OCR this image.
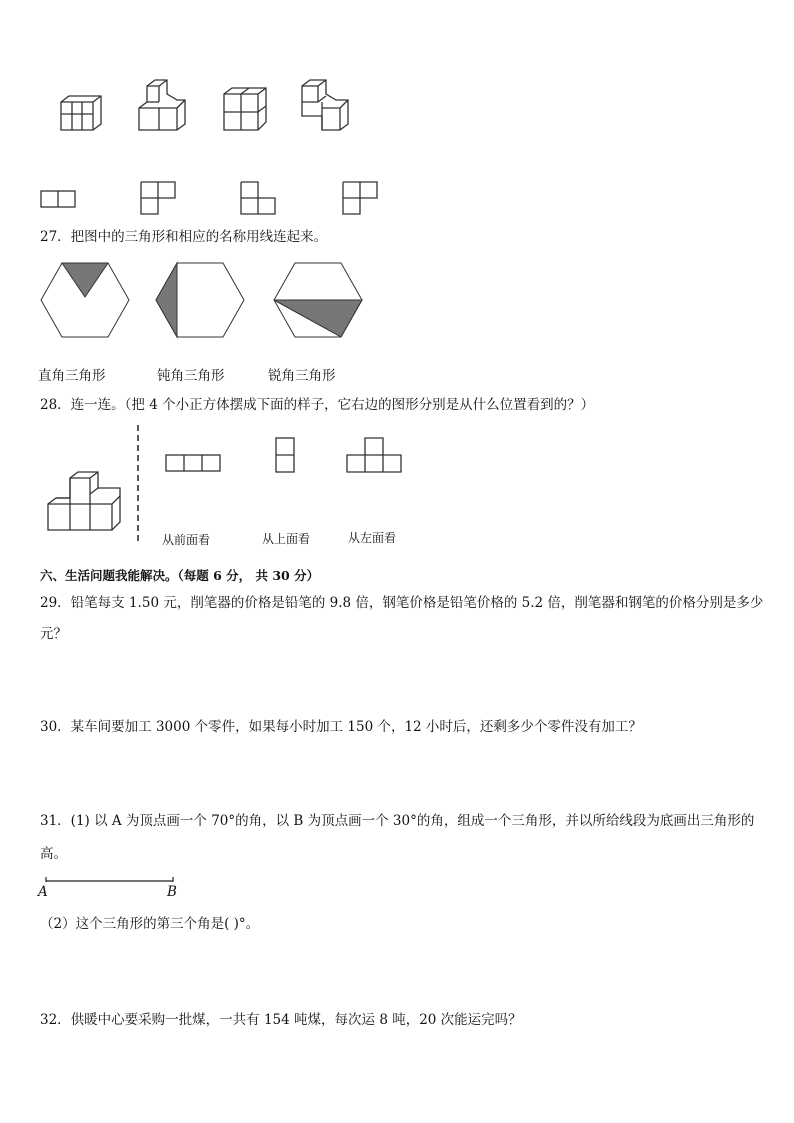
27．把图中的三角形和相应的名称用线连起来。
直角三角形	钝角三角形	锐角三角形
28．连一连。（把 4 个小正方体摆成下面的样子，它右边的图形分别是从什么位置看到的？）
从前面看	从上面看	从左面看
六、生活问题我能解决。（每题 6 分， 共 30 分）
29．铅笔每支 1.50 元，削笔器的价格是铅笔的 9.8 倍，钢笔价格是铅笔价格的 5.2 倍，削笔器和钢笔的价格分别是多少
元？
30．某车间要加工 3000 个零件，如果每小时加工 150 个，12 小时后，还剩多少个零件没有加工？
31．(1) 以 A 为顶点画一个 70°的角，以 B 为顶点画一个 30°的角，组成一个三角形，并以所给线段为底画出三角形的
高。
A	B
（2）这个三角形的第三个角是( )°。
32．供暖中心要采购一批煤，一共有 154 吨煤，每次运 8 吨，20 次能运完吗？
